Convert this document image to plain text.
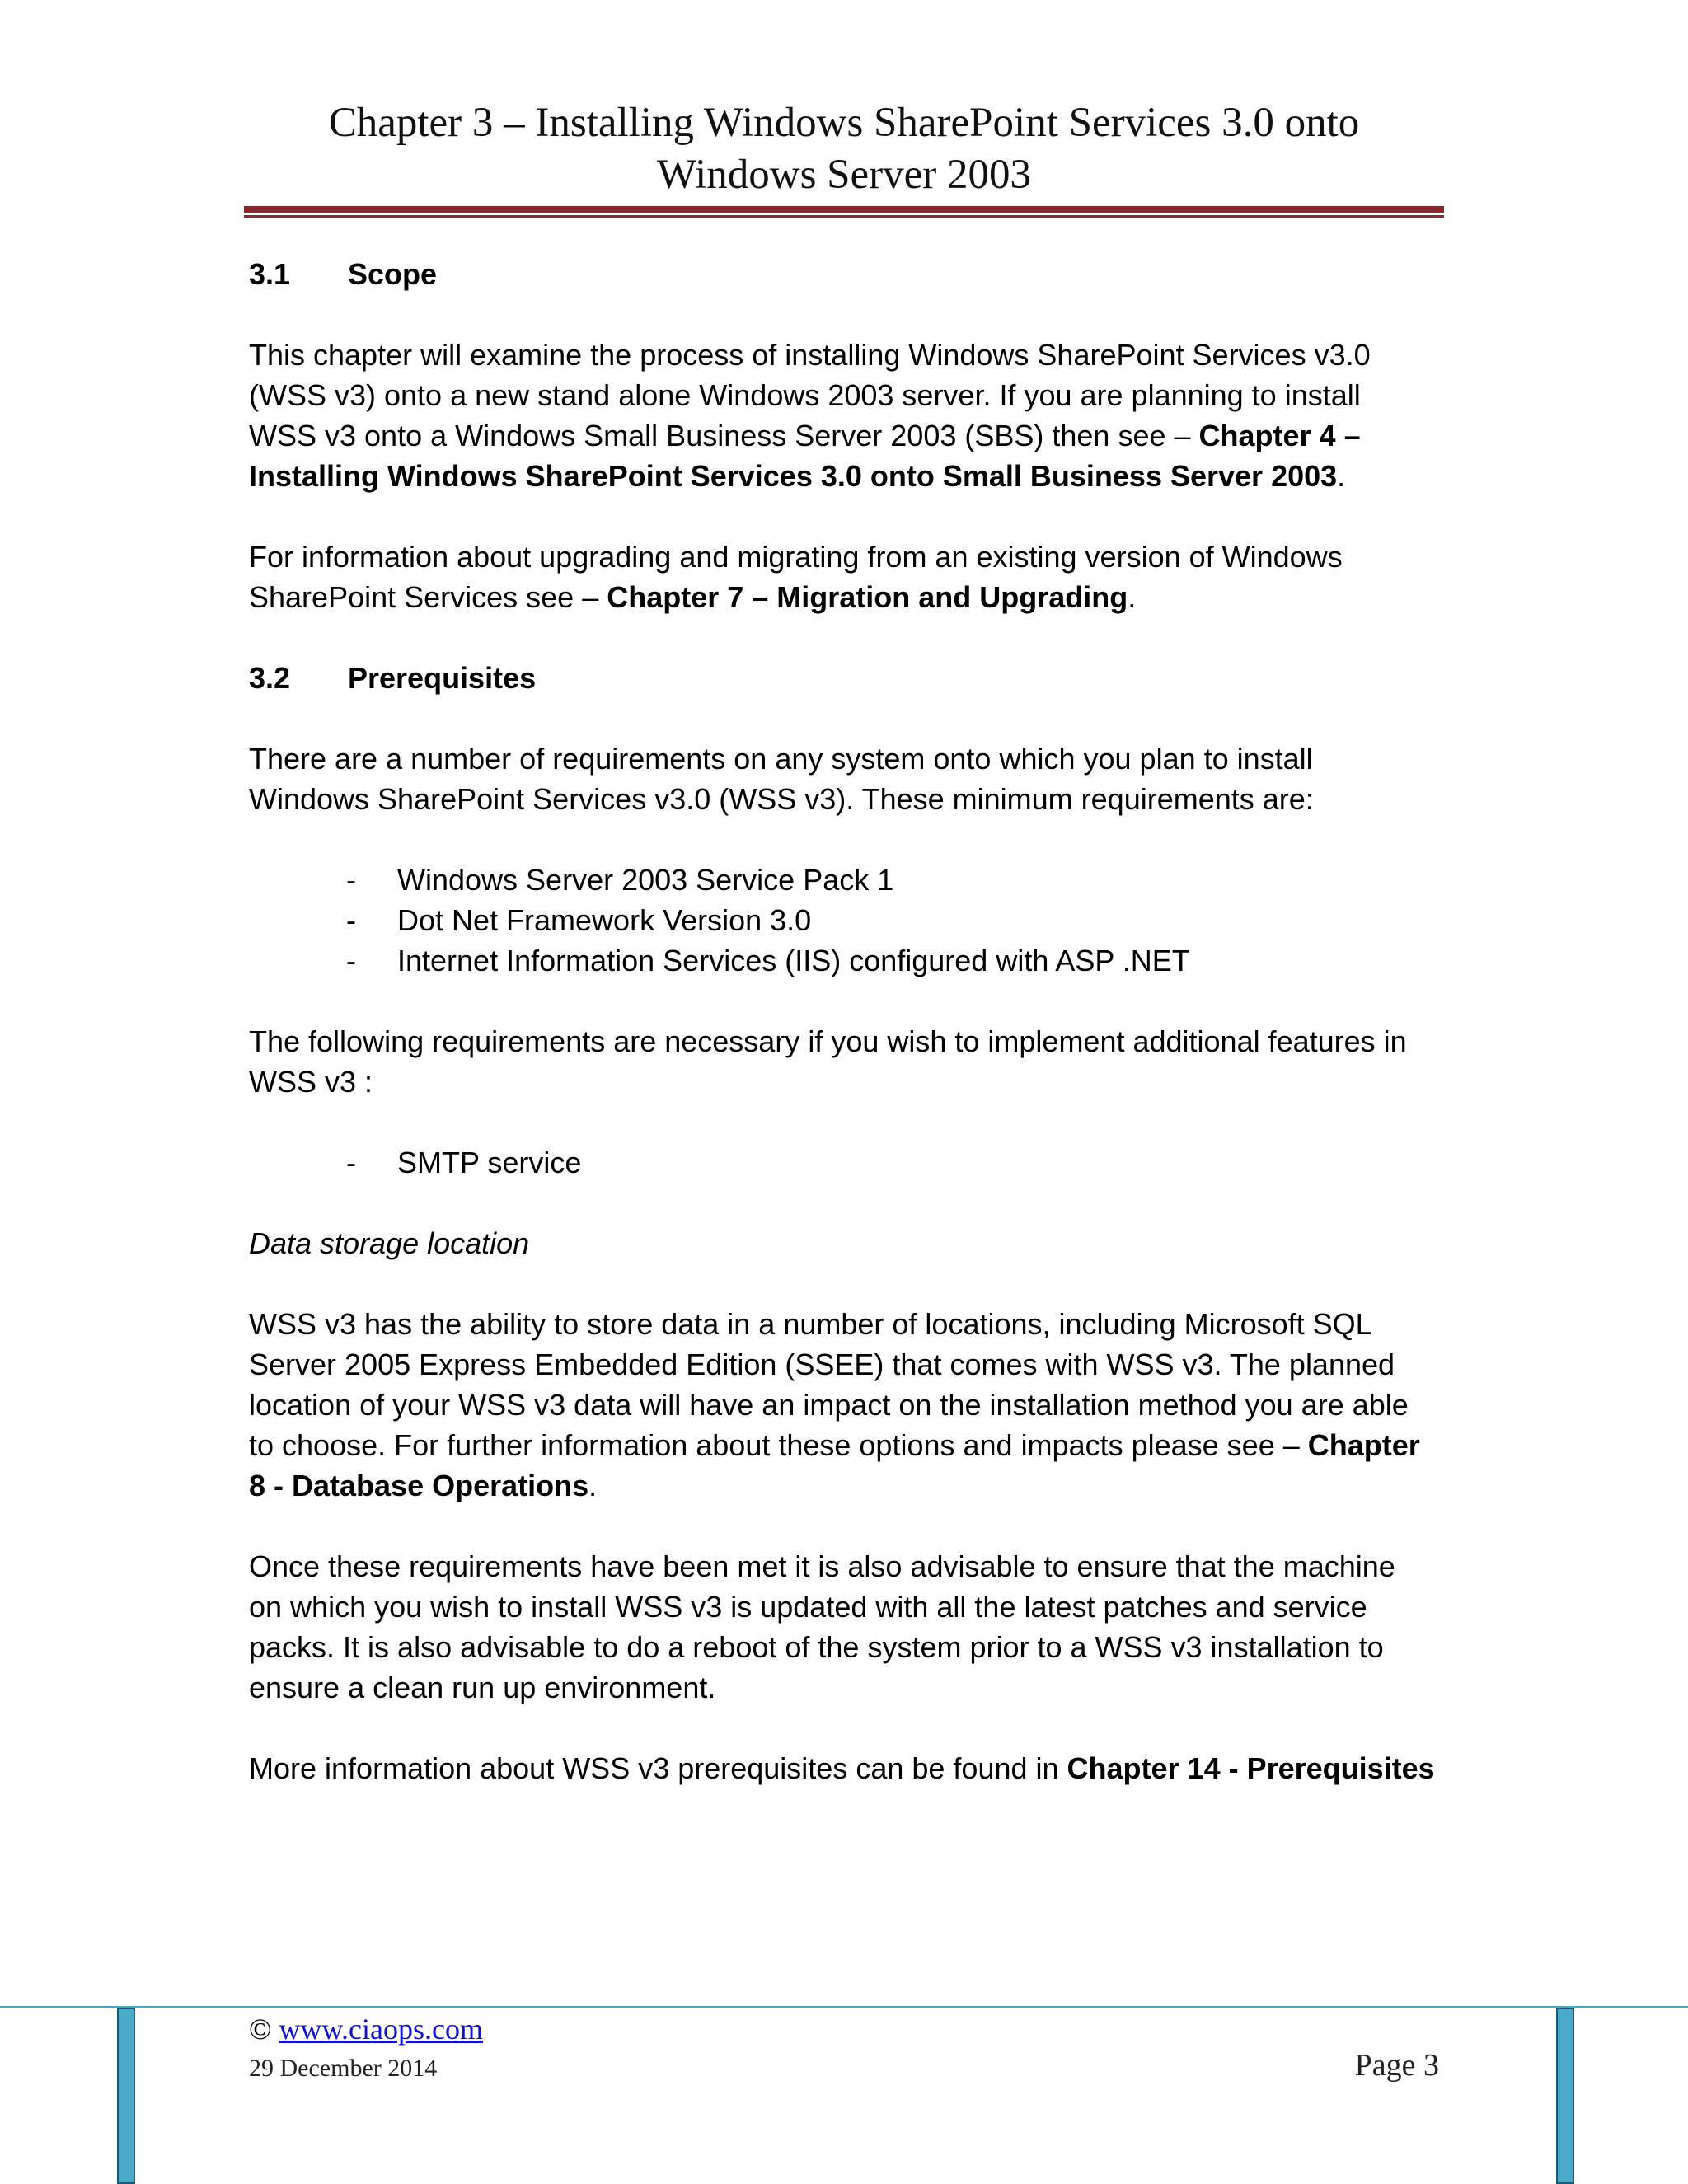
Chapter 3 – Installing Windows SharePoint Services 3.0 onto
Windows Server 2003
3.1 Scope

This chapter will examine the process of installing Windows SharePoint Services v3.0 (WSS v3) onto a new stand alone Windows 2003 server. If you are planning to install WSS v3 onto a Windows Small Business Server 2003 (SBS) then see – Chapter 4 – Installing Windows SharePoint Services 3.0 onto Small Business Server 2003.

For information about upgrading and migrating from an existing version of Windows SharePoint Services see – Chapter 7 – Migration and Upgrading.

3.2 Prerequisites

There are a number of requirements on any system onto which you plan to install Windows SharePoint Services v3.0 (WSS v3). These minimum requirements are:

- Windows Server 2003 Service Pack 1
- Dot Net Framework Version 3.0
- Internet Information Services (IIS) configured with ASP .NET

The following requirements are necessary if you wish to implement additional features in WSS v3 :

- SMTP service

Data storage location

WSS v3 has the ability to store data in a number of locations, including Microsoft SQL Server 2005 Express Embedded Edition (SSEE) that comes with WSS v3. The planned location of your WSS v3 data will have an impact on the installation method you are able to choose. For further information about these options and impacts please see – Chapter 8 - Database Operations.

Once these requirements have been met it is also advisable to ensure that the machine on which you wish to install WSS v3 is updated with all the latest patches and service packs. It is also advisable to do a reboot of the system prior to a WSS v3 installation to ensure a clean run up environment.

More information about WSS v3 prerequisites can be found in Chapter 14 - Prerequisites

© www.ciaops.com
29 December 2014	Page 3
